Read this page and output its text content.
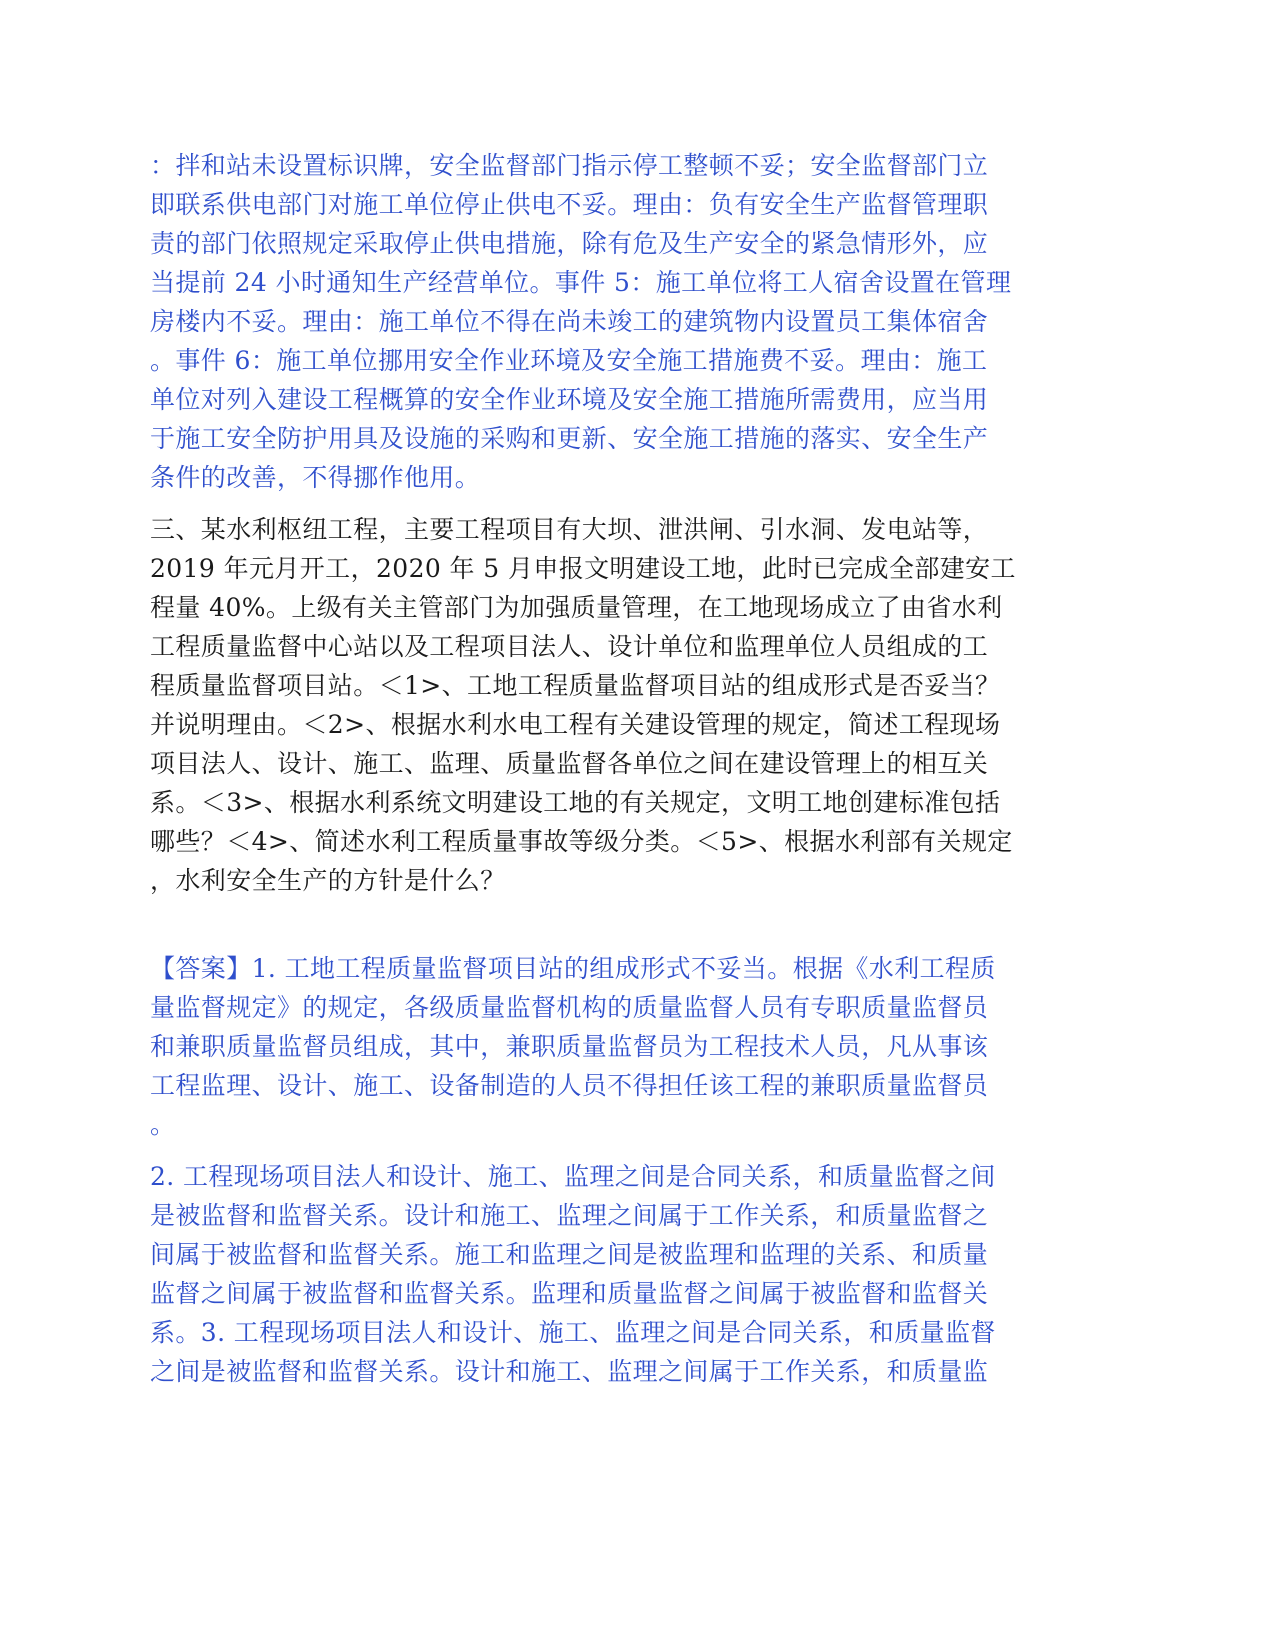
：拌和站未设置标识牌，安全监督部门指示停工整顿不妥；安全监督部门立
即联系供电部门对施工单位停止供电不妥。理由：负有安全生产监督管理职
责的部门依照规定采取停止供电措施，除有危及生产安全的紧急情形外，应
当提前 24 小时通知生产经营单位。事件 5：施工单位将工人宿舍设置在管理
房楼内不妥。理由：施工单位不得在尚未竣工的建筑物内设置员工集体宿舍
。事件 6：施工单位挪用安全作业环境及安全施工措施费不妥。理由：施工
单位对列入建设工程概算的安全作业环境及安全施工措施所需费用，应当用
于施工安全防护用具及设施的采购和更新、安全施工措施的落实、安全生产
条件的改善，不得挪作他用。
三、某水利枢纽工程，主要工程项目有大坝、泄洪闸、引水洞、发电站等，
2019 年元月开工，2020 年 5 月申报文明建设工地，此时已完成全部建安工
程量 40%。上级有关主管部门为加强质量管理，在工地现场成立了由省水利
工程质量监督中心站以及工程项目法人、设计单位和监理单位人员组成的工
程质量监督项目站。＜1>、工地工程质量监督项目站的组成形式是否妥当？
并说明理由。＜2>、根据水利水电工程有关建设管理的规定，简述工程现场
项目法人、设计、施工、监理、质量监督各单位之间在建设管理上的相互关
系。＜3>、根据水利系统文明建设工地的有关规定，文明工地创建标准包括
哪些？＜4>、简述水利工程质量事故等级分类。＜5>、根据水利部有关规定
，水利安全生产的方针是什么？
【答案】1. 工地工程质量监督项目站的组成形式不妥当。根据《水利工程质
量监督规定》的规定，各级质量监督机构的质量监督人员有专职质量监督员
和兼职质量监督员组成，其中，兼职质量监督员为工程技术人员，凡从事该
工程监理、设计、施工、设备制造的人员不得担任该工程的兼职质量监督员
。
2. 工程现场项目法人和设计、施工、监理之间是合同关系，和质量监督之间
是被监督和监督关系。设计和施工、监理之间属于工作关系，和质量监督之
间属于被监督和监督关系。施工和监理之间是被监理和监理的关系、和质量
监督之间属于被监督和监督关系。监理和质量监督之间属于被监督和监督关
系。3. 工程现场项目法人和设计、施工、监理之间是合同关系，和质量监督
之间是被监督和监督关系。设计和施工、监理之间属于工作关系，和质量监
